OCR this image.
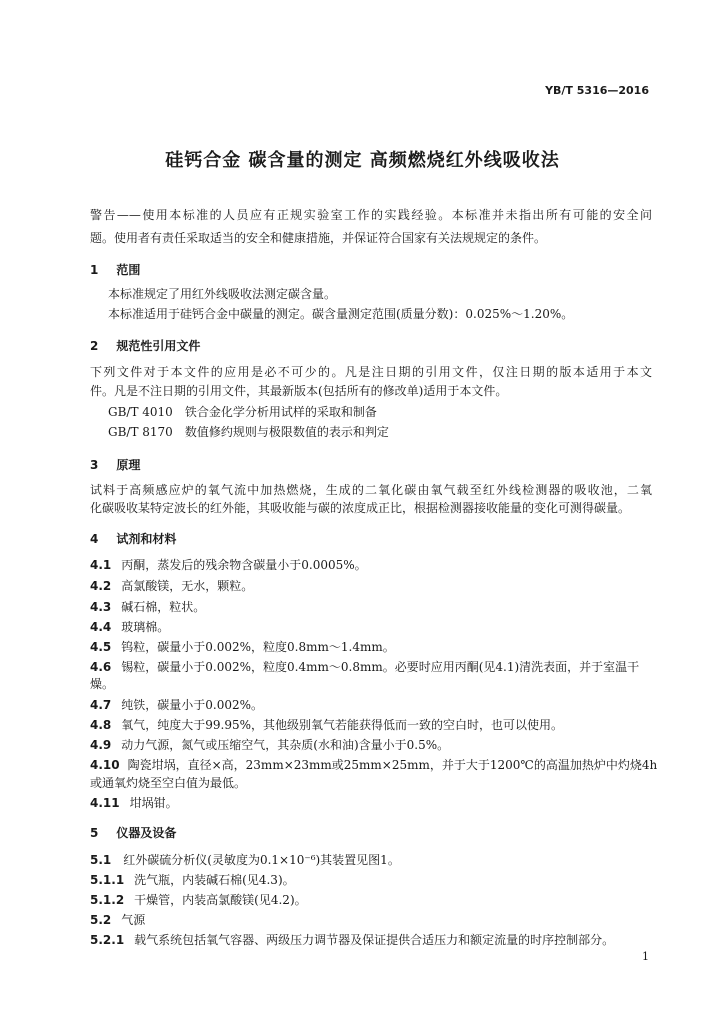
YB/T 5316—2016
硅钙合金 碳含量的测定 高频燃烧红外线吸收法
警告——使用本标准的人员应有正规实验室工作的实践经验。本标准并未指出所有可能的安全问
题。使用者有责任采取适当的安全和健康措施，并保证符合国家有关法规规定的条件。
1 范围
本标准规定了用红外线吸收法测定碳含量。
本标准适用于硅钙合金中碳量的测定。碳含量测定范围(质量分数)：0.025%～1.20%。
2 规范性引用文件
下列文件对于本文件的应用是必不可少的。凡是注日期的引用文件，仅注日期的版本适用于本文
件。凡是不注日期的引用文件，其最新版本(包括所有的修改单)适用于本文件。
GB/T 4010 铁合金化学分析用试样的采取和制备
GB/T 8170 数值修约规则与极限数值的表示和判定
3 原理
试料于高频感应炉的氧气流中加热燃烧，生成的二氧化碳由氧气载至红外线检测器的吸收池，二氧
化碳吸收某特定波长的红外能，其吸收能与碳的浓度成正比，根据检测器接收能量的变化可测得碳量。
4 试剂和材料
4.1 丙酮，蒸发后的残余物含碳量小于0.0005%。
4.2 高氯酸镁，无水，颗粒。
4.3 碱石棉，粒状。
4.4 玻璃棉。
4.5 钨粒，碳量小于0.002%，粒度0.8mm～1.4mm。
4.6 锡粒，碳量小于0.002%，粒度0.4mm～0.8mm。必要时应用丙酮(见4.1)清洗表面，并于室温干
燥。
4.7 纯铁，碳量小于0.002%。
4.8 氧气，纯度大于99.95%，其他级别氧气若能获得低而一致的空白时，也可以使用。
4.9 动力气源，氮气或压缩空气，其杂质(水和油)含量小于0.5%。
4.10 陶瓷坩埚，直径×高，23mm×23mm或25mm×25mm，并于大于1200℃的高温加热炉中灼烧4h
或通氧灼烧至空白值为最低。
4.11 坩埚钳。
5 仪器及设备
5.1 红外碳硫分析仪(灵敏度为0.1×10⁻⁶)其装置见图1。
5.1.1 洗气瓶，内装碱石棉(见4.3)。
5.1.2 干燥管，内装高氯酸镁(见4.2)。
5.2 气源
5.2.1 载气系统包括氧气容器、两级压力调节器及保证提供合适压力和额定流量的时序控制部分。
1
